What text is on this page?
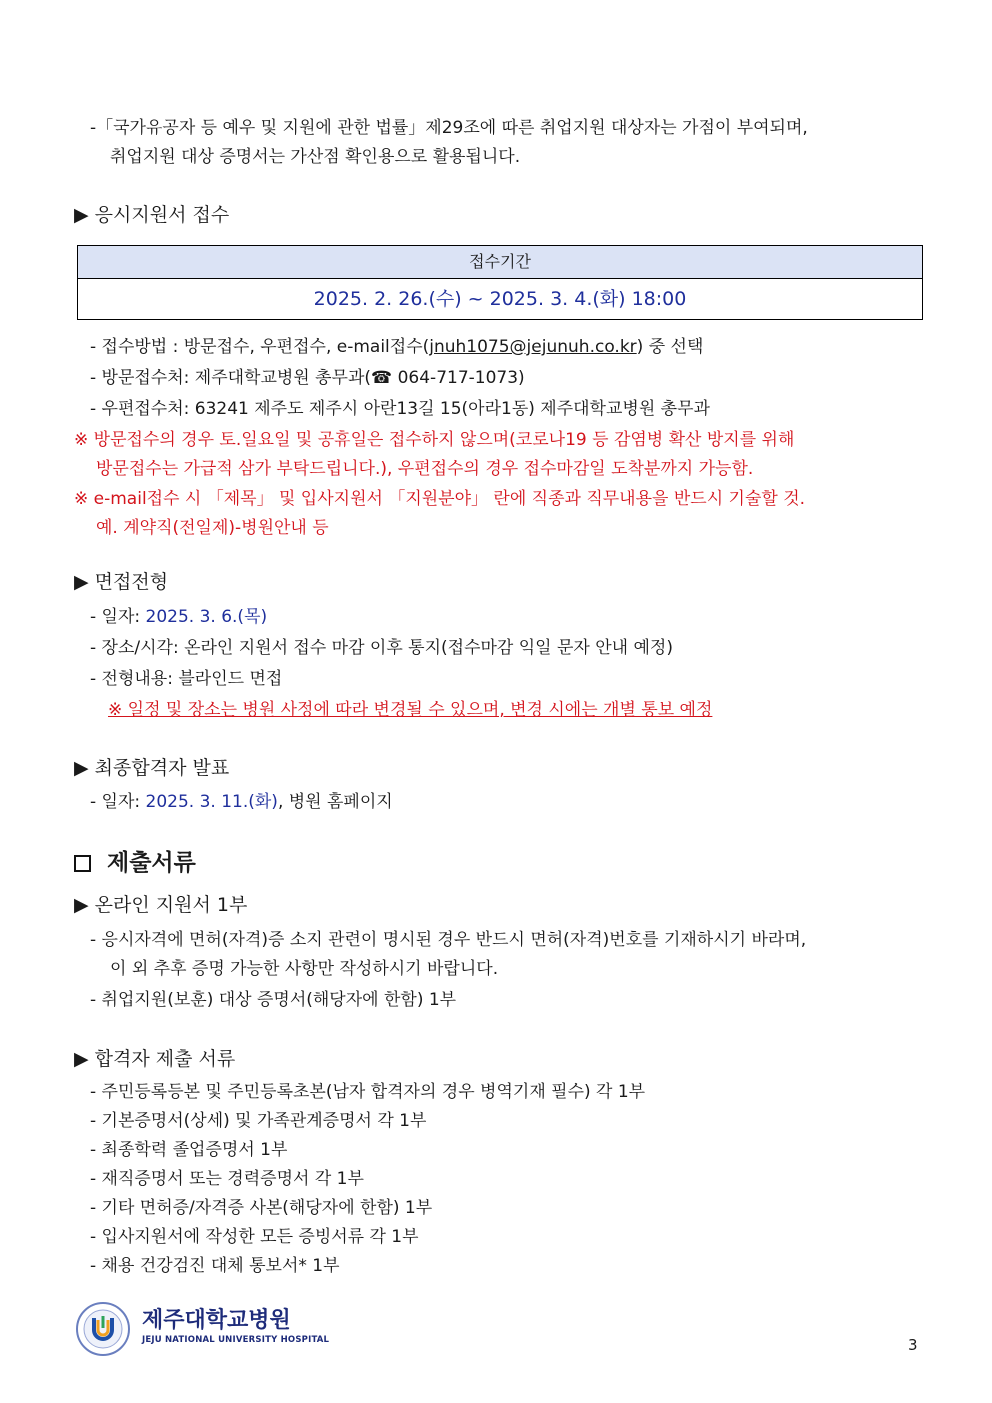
-「국가유공자 등 예우 및 지원에 관한 법률」제29조에 따른 취업지원 대상자는 가점이 부여되며,
취업지원 대상 증명서는 가산점 확인용으로 활용됩니다.
▶ 응시지원서 접수
접수기간
2025. 2. 26.(수) ~ 2025. 3. 4.(화) 18:00
- 접수방법 : 방문접수, 우편접수, e-mail접수(jnuh1075@jejunuh.co.kr) 중 선택
- 방문접수처: 제주대학교병원 총무과(☎ 064-717-1073)
- 우편접수처: 63241 제주도 제주시 아란13길 15(아라1동) 제주대학교병원 총무과
※ 방문접수의 경우 토.일요일 및 공휴일은 접수하지 않으며(코로나19 등 감염병 확산 방지를 위해
방문접수는 가급적 삼가 부탁드립니다.), 우편접수의 경우 접수마감일 도착분까지 가능함.
※ e-mail접수 시 「제목」 및 입사지원서 「지원분야」 란에 직종과 직무내용을 반드시 기술할 것.
예. 계약직(전일제)-병원안내 등
▶ 면접전형
- 일자: 2025. 3. 6.(목)
- 장소/시각: 온라인 지원서 접수 마감 이후 통지(접수마감 익일 문자 안내 예정)
- 전형내용: 블라인드 면접
※ 일정 및 장소는 병원 사정에 따라 변경될 수 있으며, 변경 시에는 개별 통보 예정
▶ 최종합격자 발표
- 일자: 2025. 3. 11.(화), 병원 홈페이지
제출서류
▶ 온라인 지원서 1부
- 응시자격에 면허(자격)증 소지 관련이 명시된 경우 반드시 면허(자격)번호를 기재하시기 바라며,
이 외 추후 증명 가능한 사항만 작성하시기 바랍니다.
- 취업지원(보훈) 대상 증명서(해당자에 한함) 1부
▶ 합격자 제출 서류
- 주민등록등본 및 주민등록초본(남자 합격자의 경우 병역기재 필수) 각 1부
- 기본증명서(상세) 및 가족관계증명서 각 1부
- 최종학력 졸업증명서 1부
- 재직증명서 또는 경력증명서 각 1부
- 기타 면허증/자격증 사본(해당자에 한함) 1부
- 입사지원서에 작성한 모든 증빙서류 각 1부
- 채용 건강검진 대체 통보서* 1부
제주대학교병원
JEJU NATIONAL UNIVERSITY HOSPITAL	3
